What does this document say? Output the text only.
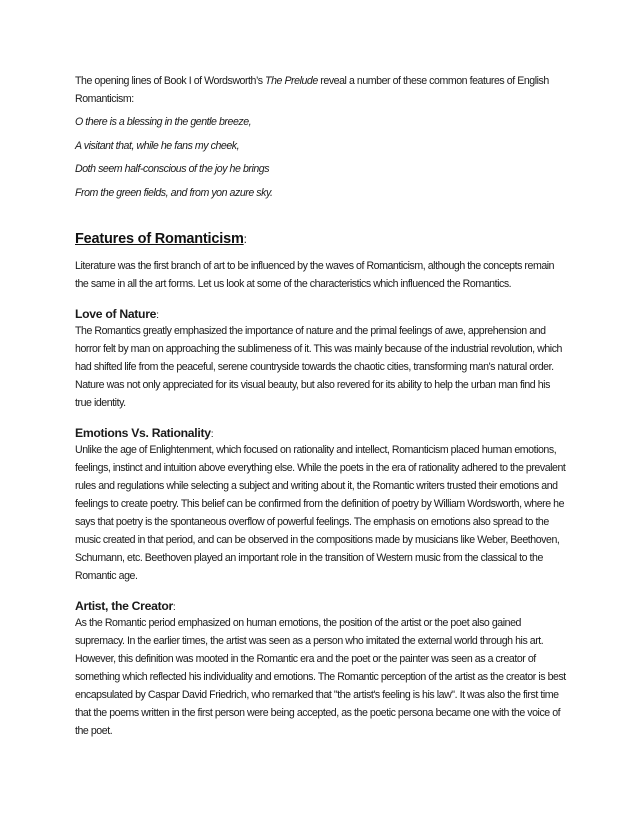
The opening lines of Book I of Wordsworth’s The Prelude reveal a number of these common features of English Romanticism:

O there is a blessing in the gentle breeze,

A visitant that, while he fans my cheek,

Doth seem half-conscious of the joy he brings

From the green fields, and from yon azure sky.

Features of Romanticism:

Literature was the first branch of art to be influenced by the waves of Romanticism, although the concepts remain the same in all the art forms. Let us look at some of the characteristics which influenced the Romantics.

Love of Nature:

The Romantics greatly emphasized the importance of nature and the primal feelings of awe, apprehension and horror felt by man on approaching the sublimeness of it. This was mainly because of the industrial revolution, which had shifted life from the peaceful, serene countryside towards the chaotic cities, transforming man's natural order. Nature was not only appreciated for its visual beauty, but also revered for its ability to help the urban man find his true identity.

Emotions Vs. Rationality:

Unlike the age of Enlightenment, which focused on rationality and intellect, Romanticism placed human emotions, feelings, instinct and intuition above everything else. While the poets in the era of rationality adhered to the prevalent rules and regulations while selecting a subject and writing about it, the Romantic writers trusted their emotions and feelings to create poetry. This belief can be confirmed from the definition of poetry by William Wordsworth, where he says that poetry is the spontaneous overflow of powerful feelings. The emphasis on emotions also spread to the music created in that period, and can be observed in the compositions made by musicians like Weber, Beethoven, Schumann, etc. Beethoven played an important role in the transition of Western music from the classical to the Romantic age.

Artist, the Creator:

As the Romantic period emphasized on human emotions, the position of the artist or the poet also gained supremacy. In the earlier times, the artist was seen as a person who imitated the external world through his art. However, this definition was mooted in the Romantic era and the poet or the painter was seen as a creator of something which reflected his individuality and emotions. The Romantic perception of the artist as the creator is best encapsulated by Caspar David Friedrich, who remarked that "the artist's feeling is his law". It was also the first time that the poems written in the first person were being accepted, as the poetic persona became one with the voice of the poet.
